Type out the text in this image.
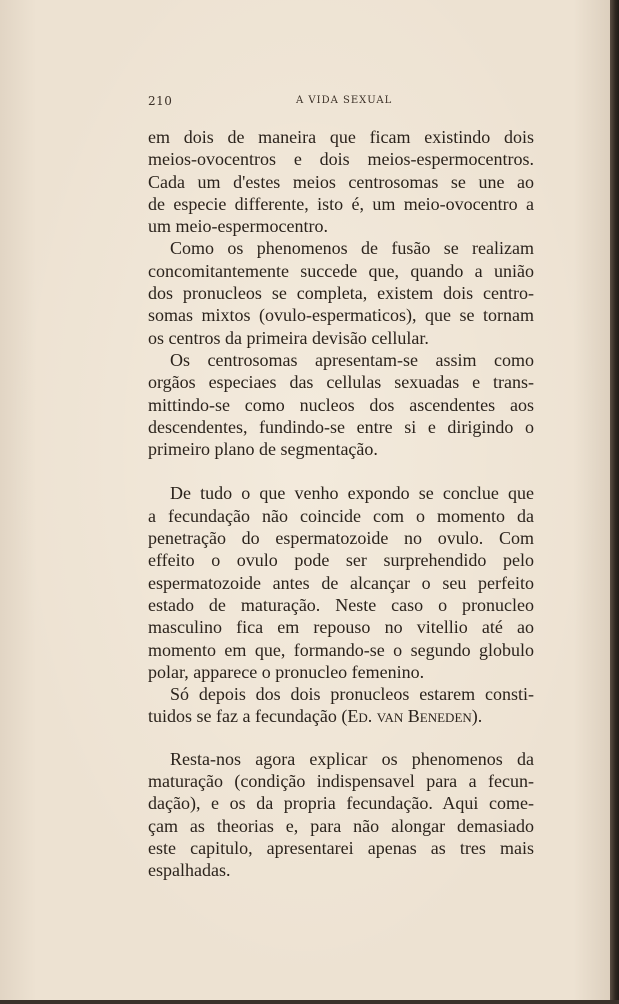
210	A VIDA SEXUAL
em dois de maneira que ficam existindo dois
meios-ovocentros e dois meios-espermocentros.
Cada um d'estes meios centrosomas se une ao
de especie differente, isto é, um meio-ovocentro a
um meio-espermocentro.
Como os phenomenos de fusão se realizam
concomitantemente succede que, quando a união
dos pronucleos se completa, existem dois centro-
somas mixtos (ovulo-espermaticos), que se tornam
os centros da primeira devisão cellular.
Os centrosomas apresentam-se assim como
orgãos especiaes das cellulas sexuadas e trans-
mittindo-se como nucleos dos ascendentes aos
descendentes, fundindo-se entre si e dirigindo o
primeiro plano de segmentação.
De tudo o que venho expondo se conclue que
a fecundação não coincide com o momento da
penetração do espermatozoide no ovulo. Com
effeito o ovulo pode ser surprehendido pelo
espermatozoide antes de alcançar o seu perfeito
estado de maturação. Neste caso o pronucleo
masculino fica em repouso no vitellio até ao
momento em que, formando-se o segundo globulo
polar, apparece o pronucleo femenino.
Só depois dos dois pronucleos estarem consti-
tuidos se faz a fecundação (Ed. van Beneden).
Resta-nos agora explicar os phenomenos da
maturação (condição indispensavel para a fecun-
dação), e os da propria fecundação. Aqui come-
çam as theorias e, para não alongar demasiado
este capitulo, apresentarei apenas as tres mais
espalhadas.
